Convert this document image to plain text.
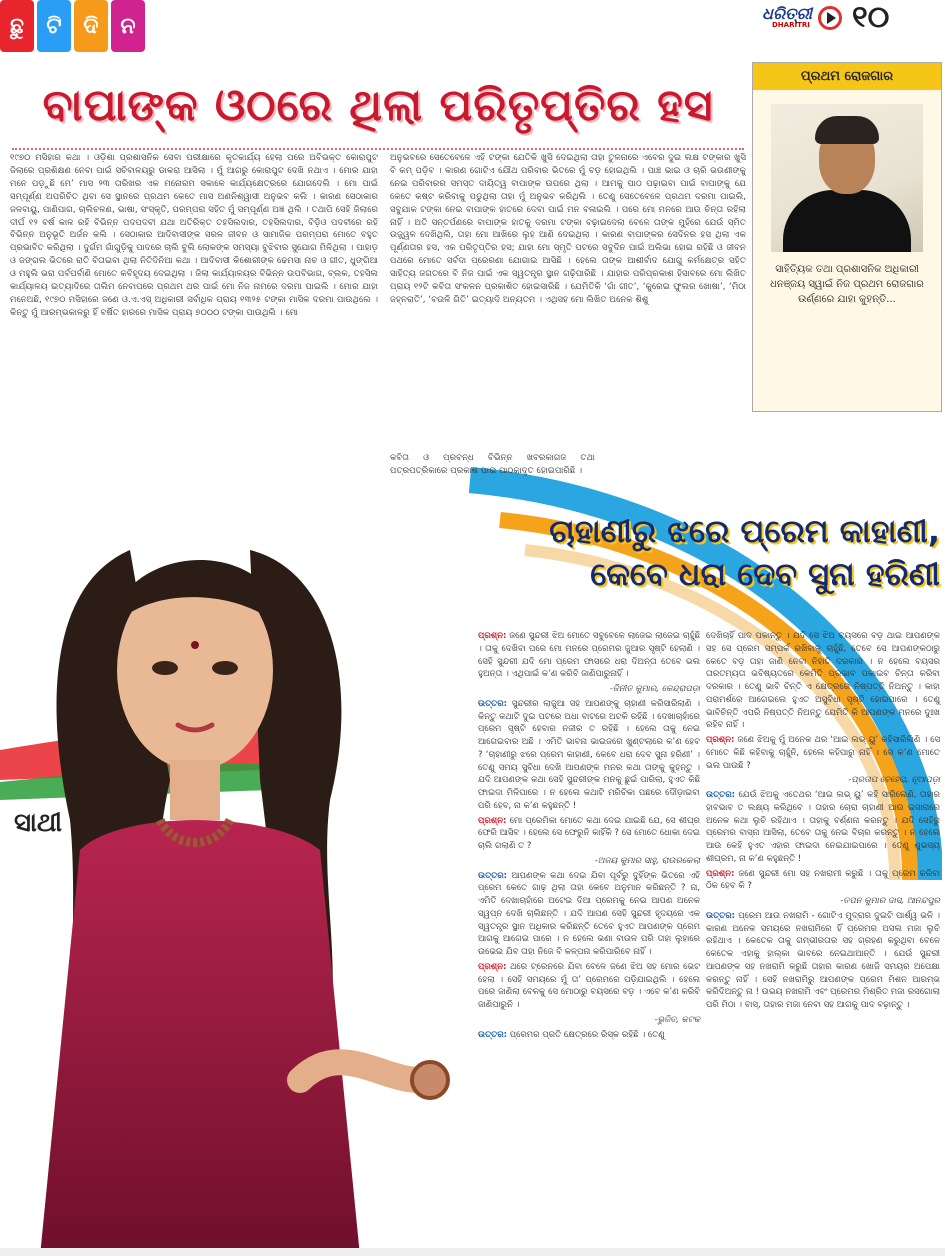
ଛୁ	ଟି ଦି ନ	ଧରିତ୍ରୀ
DHARITRI ୧୦
ବାପାଙ୍କ ଓଠରେ ଥିଲା ପରିତୃପ୍ତିର ହସ
ପ୍ରଥମ ରୋଜଗାର
ସାହିତ୍ୟିକ ତଥା ପ୍ରଶାସନିକ ଅଧିକାରୀ ଧନଞ୍ଜୟ ସ୍ୱାଇଁ ନିଜ ପ୍ରଥମ ରୋଜଗାର ଉର୍ଣ୍ଣରେ ଯାହା କୁହନ୍ତି...
୧୯୭୦ ମସିହାର କଥା । ଓଡ଼ିଶା ପ୍ରଶାସନିକ ସେବା ପରୀକ୍ଷାରେ କୃତକାର୍ଯ୍ୟ ହେଲା ପରେ ଅବିଭକ୍ତ କୋରାପୁଟ ଜିଲାରେ ପ୍ରଶିକ୍ଷଣ ନେବା ପାଇଁ ସଚିବାଳୟରୁ ଡାକରା ଆସିଲା । ମୁଁ ଆଗରୁ କୋରାପୁଟ ଦେଖି ନଥାଏ । ମୋର ଯାହା ମନେ ପଡ଼ୁଛି ମେ’ ମାସ ୨୩ ତାରିଖର ଏକ ମନୋରମ ସକାଳେ କାର୍ଯ୍ୟକ୍ଷେତ୍ରରେ ଯୋଗଦେଲି । ମୋ ପାଇଁ ସମ୍ପୂର୍ଣ୍ଣ ଅପରିଚିତ ଥିବା ସେ ସ୍ଥାନରେ ପ୍ରଥମ କେତେ ମାସ ଅଣନିଶ୍ୱାସୀ ଅନୁଭବ କଲି । କାରଣ ସେଠାକାର ଜଳବାୟୁ, ପାଣିପାଗ, ଚାଲିଚଳଣ, ଭାଷା, ସଂସ୍କୃତି, ପରମ୍ପରା ସହିତ ମୁଁ ସମ୍ପୂର୍ଣ୍ଣ ଅଜ୍ଞ ଥିଲି । ତଥାପି ସେହି ଜିଲାରେ ଦୀର୍ଘ ୧୨ ବର୍ଷ କାଳ ରହି ବିଭିନ୍ନ ପଦପଦବୀ ଯଥା ଅତିରିକ୍ତ ତହସିଲଦାର, ତହସିଲଦାର, ବିଡ଼ିଓ ପଦବୀରେ ରହି ବିଭିନ୍ନ ଅନୁଭୂତି ଅର୍ଜନ କଲି । ସେଠାକାର ଆଦିବାସୀଙ୍କ ସରଳ ଜୀବନ ଓ ସାମାଜିକ ପରମ୍ପରା ମୋତେ ବହୁତ ପ୍ରଭାବିତ କରିଥିଲା । ଦୁର୍ଗମ ଗାଁଗୁଡ଼ିକୁ ପାଦରେ ଚାଲି ବୁଲି ଲୋକଙ୍କ ସମସ୍ୟା ବୁଝିବାର ସୁଯୋଗ ମିଳିଥିଲା । ପାହାଡ଼ ଓ ଜଙ୍ଗଲ ଭିତରେ ରାତି ବିତାଇବା ଥିଲା ନିତିଦିନିଆ କଥା । ଆଦିବାସୀ କିଶୋରୀଙ୍କ ଢେମସା ନାଚ ଓ ଗୀତ, ଧୁଙ୍ଗିଆ ଓ ମହୁଲି ଭରା ପର୍ବପର୍ବାଣି ମୋତେ କବିହୃଦୟ ଦେଇଥିଲା । ଜିଲା କାର୍ଯ୍ୟାଳୟର ବିଭିନ୍ନ ଉପବିଭାଗ, ବ୍ଲକ, ତହସିଲ କାର୍ଯ୍ୟାଳୟ ଇତ୍ୟାଦିରେ ତାଲିମ ନେବାପରେ ପ୍ରଥମ ଥର ପାଇଁ ମୋ ନିଜ ନାମରେ ଦରମା ପାଇଲି । ମୋର ଯାହା ମନେଅଛି, ୧୯୭୦ ମସିହାରେ ଜଣେ ଓ.ଏ.ଏସ୍ ଅଧିକାରୀ ସର୍ବାଧିକ ପ୍ରାୟ ୧୩୨୫ ଟଙ୍କା ମାସିକ ଦରମା ପାଉଥିଲେ । କିନ୍ତୁ ମୁଁ ଆରମ୍ଭକାଳରୁ ହିଁ ବର୍ଷିତ ହାରରେ ମାସିକ ପ୍ରାୟ ୭୦୦୦ ଟଙ୍କା ପାଉଥିଲି । ମୋ
ଅନୁଭବରେ ସେତେବେଳେ ଏହି ଟଙ୍କା ଯେତିକି ଖୁସି ଦେଇଥିଲା ତାହା ତୁଳନାରେ ଏବେର ଦୁଇ ଲକ୍ଷ ଟଙ୍କାର ଖୁସି ବି କମ୍ ପଡ଼ିବ । କାରଣ ଗୋଟିଏ ଯୌଥ ପରିବାର ଭିତରେ ମୁଁ ବଡ଼ ହୋଇଥିଲି । ପାଞ୍ଚ ଭାଇ ଓ ଚାରି ଭଉଣୀଙ୍କୁ ନେଇ ପରିବାରର ସମସ୍ତ ଦାୟିତ୍ୱ ବାପାଙ୍କ ଉପରେ ଥିଲା । ଆମକୁ ପାଠ ପଢ଼ାଇବା ପାଇଁ ବାପାଙ୍କୁ ଯେ କେତେ କଷ୍ଟ କରିବାକୁ ପଡୁଥିଲା ତାହା ମୁଁ ଅନୁଭବ କରିଥିଲି । ତେଣୁ ସେତେବେଳେ ପ୍ରଥମ ଦରମା ପାଇଲି, ସବୁଯାକ ଟଙ୍କା ନେଇ ବାପାଙ୍କ ହାତରେ ଦେବା ପାଇଁ ମନ ବଳାଇଲି । ପରେ ମୋ ମନରେ ଆଉ ଚିନ୍ତା ରହିଲା ନାହିଁ । ଅତି ସନ୍ତର୍ପଣରେ ବାପାଙ୍କ ହାତକୁ ଦରମା ଟଙ୍କା ବଢ଼ାଇଦେଲା ବେଳେ ତାଙ୍କ ମୁହଁରେ ଯେଉଁ ସ୍ମିତ ଉଜ୍ଜ୍ୱଳ ଦେଖିଥିଲି, ତାହା ମୋ ଆଖିରେ ଲୁହ ଆଣି ଦେଇଥିଲା । କାରଣ ବାପାଙ୍କର ସେଦିନର ହସ ଥିଲା ଏକ ପୂର୍ଣ୍ଣତାର ହସ, ଏକ ପରିତୃପ୍ତିର ହସ; ଯାହା ମୋ ସ୍ମୃତି ପଟରେ ସବୁଦିନ ପାଇଁ ଅଲିଭା ହୋଇ ରହିଛି ଓ ଜୀବନ ପଥରେ ମୋତେ ସର୍ବଦା ପ୍ରେରଣା ଯୋଗାଇ ଆସିଛି । ହେଲେ ତାଙ୍କ ଆଶୀର୍ବାଦ ଯୋଗୁ କର୍ମକ୍ଷେତ୍ର ସହିତ ସାହିତ୍ୟ ଜଗତରେ ବି ନିଜ ପାଇଁ ଏକ ସ୍ୱତନ୍ତ୍ର ସ୍ଥାନ ଗଢ଼ିପାରିଛି । ଯାହାର ପରିପ୍ରକାଶ ହିସାବରେ ମୋ ଲିଖିତ ପ୍ରାୟ ୧୨ଟି କବିତା ସଂକଳନ ପ୍ରକାଶିତ ହୋଇସାରିଛି । ଯେମିତିକି ‘ଗାଁ ଗୀତ’, ‘କୁରେଇ ଫୁଲର ଖୋଷା’, ‘ମିଠା ଜହ୍ନରାତି’, ‘ବଉଳି ଗିତି’ ଇତ୍ୟାଦି ଅନ୍ୟତମ । ଏଥିସହ ମୋ ଲିଖିତ ଅନେକ ଶିଶୁ
କବିତା ଓ ପ୍ରବନ୍ଧ ବିଭିନ୍ନ ଖବରକାଗଜ ତଥା ପତ୍ରପତ୍ରିକାରେ ପ୍ରକାଶ ପାଇ ପାଠକାଦୃତ ହୋଇପାରିଛି ।
ଚାହାଣୀରୁ ଝରେ ପ୍ରେମ କାହାଣୀ,
କେବେ ଧରା ଦେବ ସୁନା ହରିଣୀ
ସାଥୀ

ପ୍ରଶ୍ନ: ଜଣେ ସୁନ୍ଦରୀ ଝିଅ ମୋତେ ସବୁବେଳେ ଲାଜେଇ ଲାଜେଇ ଚାହୁଁଛି । ତାକୁ ଦେଖିବା ପରେ ମୋ ମନରେ ପ୍ରେମର ଜୁଆର ସୃଷ୍ଟି ହେଲାଣି । ସେହି ସୁନ୍ଦରୀ ଯଦି ମୋ ପ୍ରେମ ଫାସରେ ଧରା ଦିଅନ୍ତା ତେବେ ଭଲ ହୁଅନ୍ତା । ଏଥିପାଇଁ କ’ଣ କରିବି ଜାଣିପାରୁନାହିଁ ।

-ଜିନୀତ କୁମାର, କେନ୍ଦ୍ରାପଡ଼ା

ଉତ୍ତର: ସୁନ୍ଦରୀର ଲାଜୁଆ ସହ ଆପଣଙ୍କୁ ଚାହାଣୀ କରିସାରିଲାଣି । କିନ୍ତୁ କଥାଟି ଦୁଇ ପଟରେ ଅଧା ବାଟରେ ଅଟକି ରହିଛି । ଦେଖାଚାହାଁରେ ପ୍ରେମ ସୃଷ୍ଟି ହେବାର ନଜୀର ତ ରହିଛି । ହେଲେ ତାକୁ ନେଇ ଆଗେଇବାର ଅଛି । ଏମିତି ଭାବନା ଭାଇଜରେ ଖୁଣ୍ଟଲାରେ କ’ଣ ହେବ ? ‘ଚାହାଣୀରୁ ଝରେ ପ୍ରେମ କାହାଣୀ, କେବେ ଧରା ଦେବ ସୁନା ହରିଣୀ’ । ତେଣୁ ସମୟ ସୁବିଧା ଦେଖି ଆପଣଙ୍କ ମନର କଥା ତାଙ୍କୁ କୁହନ୍ତୁ । ଯଦି ଆପଣଙ୍କ କଥା ସେହି ସୁନ୍ଦରୀଙ୍କ ମନକୁ ଛୁଇଁ ପାରିଲା, ହୁଏତ କିଛି ଫାଇଦା ମିଳିପାରେ । ନ ହେଲେ କଥାଟି ମରିଚିକା ପଛରେ ଦୌଡ଼ାଇବା ପରି ହେବ, ନା କ’ଣ କହୁଛନ୍ତି !

ପ୍ରଶ୍ନ: ମୋ ପ୍ରେମିକା ମୋତେ କଥା ଦେଇ ଯାଇଛି ଯେ, ସେ ଶୀଘ୍ର ଫେରି ଆସିବ । ହେଲେ ସେ ଫେରୁନି କାହିଁକି ? ସେ ମୋତେ ଧୋକା ଦେଇ ଚାଲି ଗଲାଣି ତ ?

-ଅଜୟ କୁମାର ସାହୁ, ରାଉରକେଲା

ଉତ୍ତର: ଆପଣଙ୍କ କଥା ଦେଇ ଯିବା ପୂର୍ବରୁ ଦୁହିଁଙ୍କ ଭିତରେ ଏହି ପ୍ରେମ କେତେ ଗାଢ଼ ଥିଲା ତାହା କେବେ ଅନୁମାନ କରିଛନ୍ତି ? ନା, ଏମିତି ଦେଖାଚାହାଁରେ ଅଟେଇ ଦିଆ ପ୍ରେମକୁ ନେଇ ଆପଣ ଅନେକ ସ୍ୱପ୍ନ ଦେଖି ଚାଲିଛନ୍ତି । ଯଦି ଆପଣ ସେହି ସୁନ୍ଦରୀ ହୃଦୟରେ ଏକ ସ୍ୱତନ୍ତ୍ର ସ୍ଥାନ ଅଧିକାର କରିଛନ୍ତି ତେବେ ହୁଏତ ଆପଣଙ୍କ ପ୍ରେମ ଆଗକୁ ଆଗେଇ ପାରେ । ନ ହେଲେ ଭଣା ବାଉଳ ପରି ତାହା ଲୁହାରେ ଉଭେଇ ଯିବ ତାହା ନିଜେ ବି କଳ୍ପନା କରିପାରିବେ ନାହିଁ ।

ପ୍ରଶ୍ନ: ଥରେ ଟ୍ରେନରେ ଯିବା ବେଳେ ଜଣେ ଝିଅ ସହ ମୋର ଭେଟ ହେଲା । ସେହି ସମୟରେ ମୁଁ ତା’ ପ୍ରେମରେ ପଡ଼ିଯାଇଥିଲି । ହେଲେ ପରେ ଜାଣିଲା ବେଳକୁ ସେ ମୋଠାରୁ ବୟସରେ ବଡ଼ । ଏବେ କ’ଣ କରିବି ଜାଣିପାରୁନି ।

-ଭୁଜିତ, କଟକ

ଉତ୍ତର: ପ୍ରେମର ପ୍ରତି କ୍ଷେତ୍ରରେ ରିସ୍କ ରହିଛି । ତେଣୁ

ଦେଖିଚାହିଁ ପାଦ ପକାନ୍ତୁ । ଯଦି ସେ ଝିଅ ବୟସରେ ବଡ଼ ଥାଇ ଆପଣଙ୍କ ସହ ସେ ପ୍ରେମ ସମ୍ପର୍କ ରଖିବାକୁ ଚାହୁଁଛି, ତେବେ ସେ ଆପଣଙ୍କଠାରୁ କେତେ ବଡ଼ ତାହା ଜାଣି ନେବା ନିହାତି ଦରକାର । ନ ହେଲେ ବୟସର ତାରତମ୍ୟତା ଭବିଷ୍ୟତରେ କେମିତି ପ୍ରଭାବ ପକାଇବ ଚିନ୍ତା କରିବା ଦରକାର । ତେଣୁ ଭାବି ଚିନ୍ତି ଏ କ୍ଷେତ୍ରରେ ନିଷ୍ପତ୍ତି ନିଅନ୍ତୁ । କାହା ପରାମର୍ଶରେ ଆଗେଇଲେ ହୁଏତ ଅସୁବିଧା ସୃଷ୍ଟି ହୋଇପାରେ । ତେଣୁ ଭାବିଚିନ୍ତି ଏପରି ନିଷ୍ପତ୍ତି ନିଅନ୍ତୁ ଯେମିତି କି ଆପଣଙ୍କ ମନରେ ଦୁଃଖ ରହିବ ନାହିଁ ।

ପ୍ରଶ୍ନ: ଜଣେ ଝିଅକୁ ମୁଁ ଅନେକ ଥର ‘ଆଇ ଲଭ୍ ୟୁ’ କହିସାରିଲିଣି । ସେ ମୋତେ କିଛି କହିବାକୁ ଚାହୁଁନି, ହେଲେ କହିପାରୁ ନାହିଁ । ସେ କ’ଣ ମୋତେ ଭଲ ପାଉଛି ?

-ପ୍ରତାପ ବେହେରା, ନୂଆପଡ଼ା

ଉତ୍ତର: ଯେଉଁ ଝିଅକୁ ଏତେଥର ‘ଆଇ ଲଭ୍ ୟୁ’ କହି ସାରିଲେଣି, ତାହାର ହାବଭାବ ତ ଲକ୍ଷ୍ୟ କରିଥିବେ । ତାହାର ଚୋରା ଚାହାଣୀ ଆଉ ଇସାରାରେ ଅନେକ କଥା ଲୁଚି ରହିଥାଏ । ତାହାକୁ ବର୍ଣ୍ଣନା କରନ୍ତୁ । ଯଦି ସେହିରୁ ପ୍ରେମର ବାସ୍ନା ଆସିଲା, ତେବେ ତାକୁ ନେଇ ବିଚାର କରନ୍ତୁ । ନ ହେଲେ ଆଉ କେହି ହୁଏତ ଏହାର ଫାଇଦା ନେଇଯାଇପାରେ । ତେଣୁ ଶୁଭସ୍ୟ ଶୀଘ୍ରମ, ନା କ’ଣ କହୁଛନ୍ତି !

ପ୍ରଶ୍ନ: ଜଣେ ସୁନ୍ଦରୀ ମୋ ସହ ନଖରାମୀ କରୁଛି । ତାକୁ ପ୍ରେମ କରିବା ଠିକ ହେବ କି ?

-ତପନ କୁମାର ଦାସ, ଆନନ୍ଦପୁର

ଉତ୍ତର: ପ୍ରେମ ଆଉ ନଖରାମି - ଗୋଟିଏ ମୁଦ୍ରାର ଦୁଇଟି ପାର୍ଶ୍ୱ ଭଳି । କାରଣ ଅନେକ ସମୟରେ ନଖରାମିରେ ହିଁ ପ୍ରେମର ଅସଲ ମଜା ଲୁଚି ରହିଥାଏ । କେତେକ ତାକୁ ଗମ୍ଭୀରତାର ସହ ଗ୍ରହଣ କରୁଥିବା ବେଳେ କେତେକ ଏହାକୁ ହାଲ୍କା ଭାବରେ ନେଇଥାଆନ୍ତି । ଯେଉଁ ସୁନ୍ଦରୀ ଆପଣଙ୍କ ସହ ନଖରାମି କରୁଛି ତାହାର କାରଣ ଖୋଜି ସମୟର ଅପେକ୍ଷା କରନ୍ତୁ ନାହିଁ । ସେହି ନଖରାମିରୁ ଆପଣଙ୍କ ପ୍ରେମ ମିଶନ ଆରମ୍ଭ କରିଦିଅନ୍ତୁ ନା ! ଉଭୟ ନଖରାମି ଏବଂ ପ୍ରେମର ମିଶ୍ରିତ ମଜା ରସଗୋଲା ପରି ମିଠା । ବାସ୍, ତାହାର ମଜା ନେବା ସହ ଆଗକୁ ପାଦ ବଢ଼ାନ୍ତୁ ।
